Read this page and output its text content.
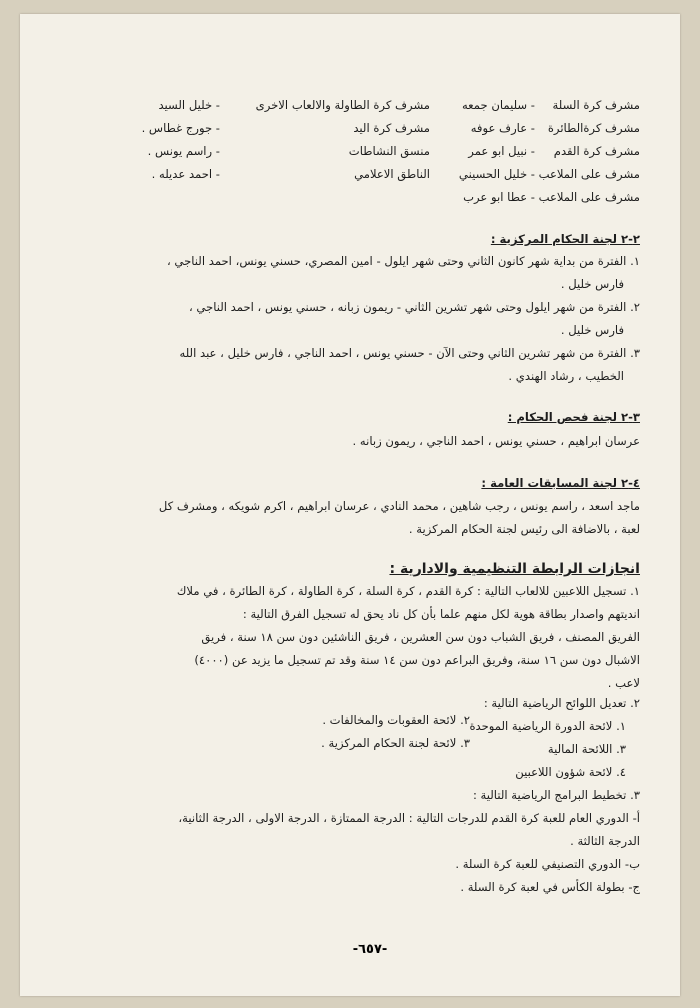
مشرف كرة السلة
- سليمان جمعه
مشرف كرة الطاولة والالعاب الاخرى
- خليل السيد
مشرف كرةالطائرة
- عارف عوفه
مشرف كرة اليد
- جورج غطاس .
مشرف كرة القدم
- نبيل ابو عمر
منسق النشاطات
- راسم يونس .
مشرف على الملاعب
- خليل الحسيني
الناطق الاعلامي
- احمد عديله .
مشرف على الملاعب
- عطا ابو عرب
٢-٢ لجنة الحكام المركزية :
١. الفترة من بداية شهر كانون الثاني وحتى شهر ايلول - امين المصري، حسني يونس، احمد الناجي ،
فارس خليل .
٢. الفترة من شهر ايلول وحتى شهر تشرين الثاني - ريمون زبانه ، حسني يونس ، احمد الناجي ،
فارس خليل .
٣. الفترة من شهر تشرين الثاني وحتى الآن - حسني يونس ، احمد الناجي ، فارس خليل ، عبد الله
الخطيب ، رشاد الهندي .
٣-٢ لجنة فحص الحكام :
عرسان ابراهيم ، حسني يونس ، احمد الناجي ، ريمون زبانه .
٤-٢ لجنة المسابقات العامة :
ماجد اسعد ، راسم يونس ، رجب شاهين ، محمد النادي ، عرسان ابراهيم ، اكرم شويكه ، ومشرف كل
لعبة ، بالاضافة الى رئيس لجنة الحكام المركزية .
انجازات الرابطة التنظيمية والادارية :
١. تسجيل اللاعبين للالعاب التالية : كرة القدم ، كرة السلة ، كرة الطاولة ، كرة الطائرة ، في ملاك
انديتهم واصدار بطاقة هوية لكل منهم علما بأن كل ناد يحق له تسجيل الفرق التالية :
الفريق المصنف ، فريق الشباب دون سن العشرين ، فريق الناشئين دون سن ١٨ سنة ، فريق
الاشبال دون سن ١٦ سنة، وفريق البراعم دون سن ١٤ سنة وقد تم تسجيل ما يزيد عن (٤٠٠٠)
لاعب .
٢. تعديل اللوائح الرياضية التالية :
١. لائحة الدورة الرياضية الموحدة
٢. لائحة العقوبات والمخالفات .
٣. اللائحة المالية
٣. لائحة لجنة الحكام المركزية .
٤. لائحة شؤون اللاعبين
٣. تخطيط البرامج الرياضية التالية :
أ- الدوري العام للعبة كرة القدم للدرجات التالية : الدرجة الممتازة ، الدرجة الاولى ، الدرجة الثانية،
الدرجة الثالثة .
ب- الدوري التصنيفي للعبة كرة السلة .
ج- بطولة الكأس في لعبة كرة السلة .
-٦٥٧-
